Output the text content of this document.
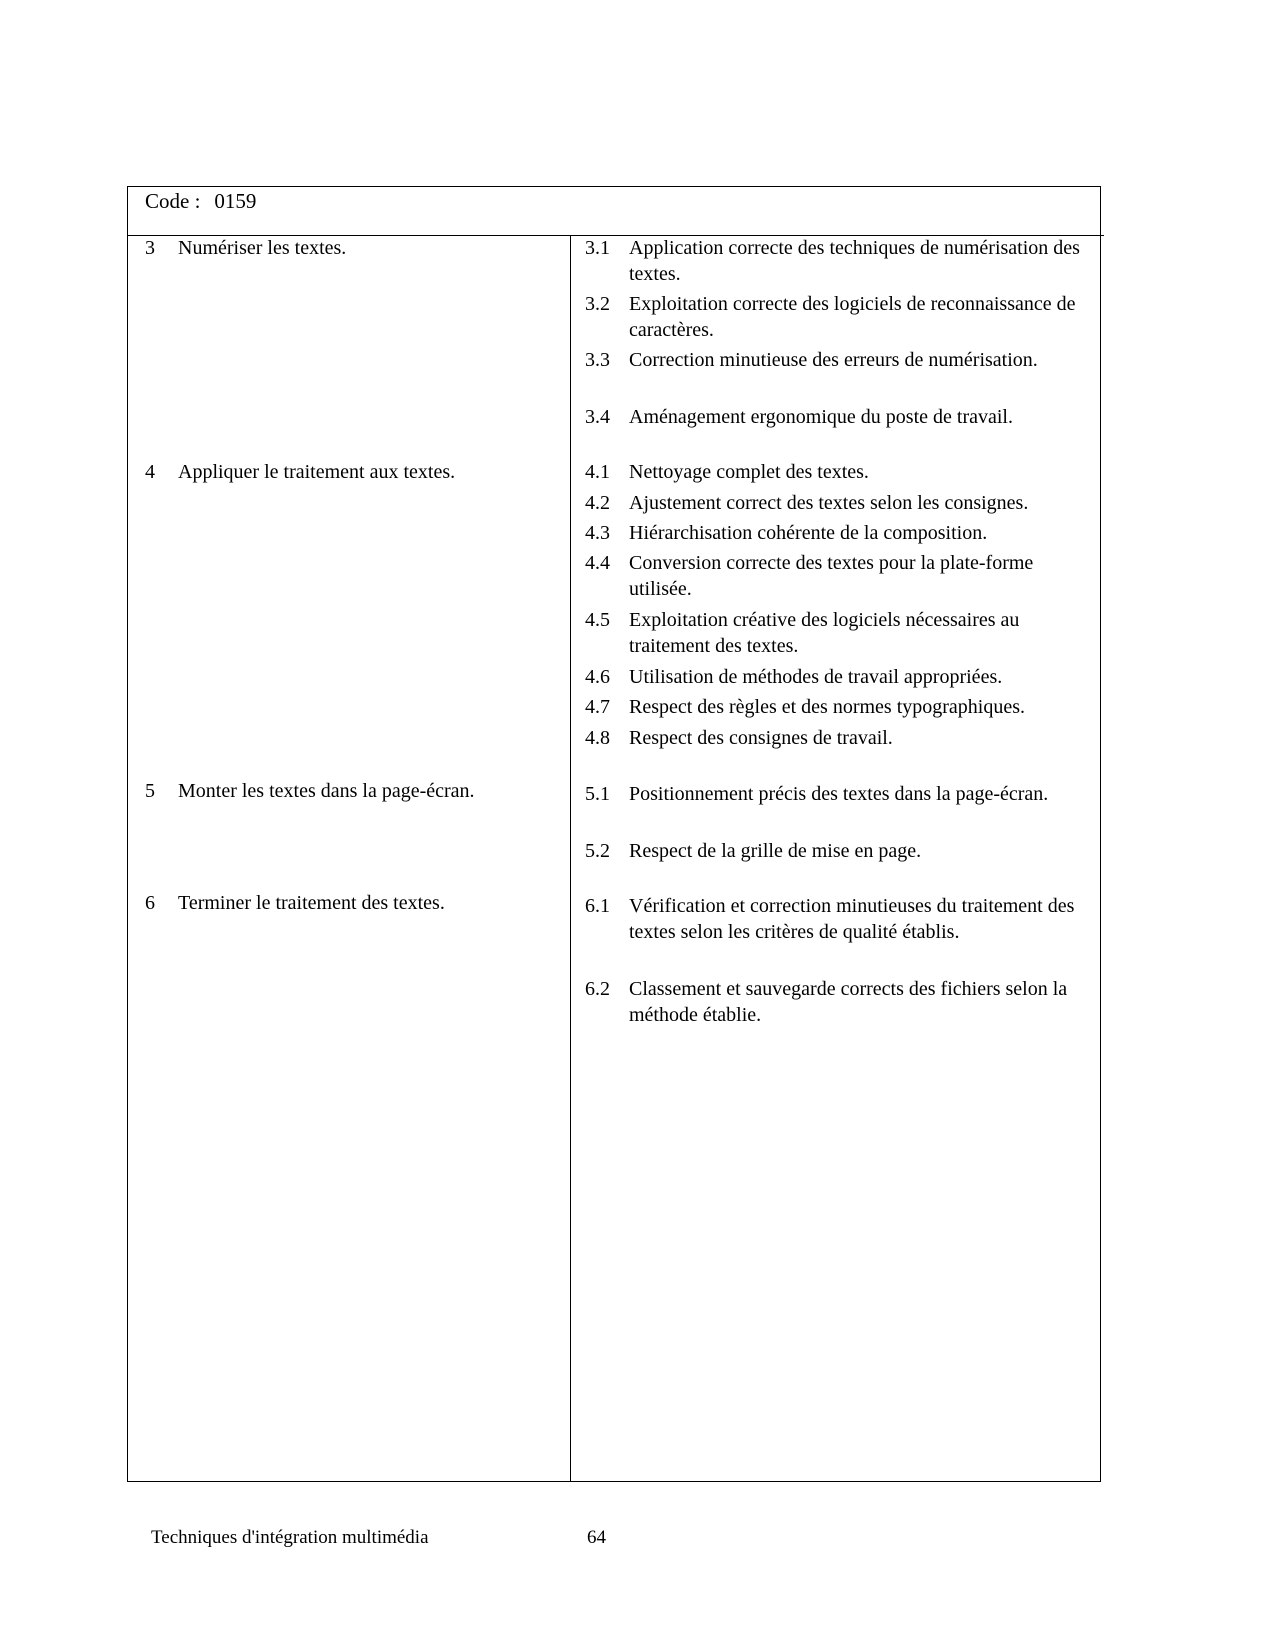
Code : 0159
3 Numériser les textes.
4 Appliquer le traitement aux textes.
5 Monter les textes dans la page-écran.
6 Terminer le traitement des textes.
3.1 Application correcte des techniques de numérisation des textes.
3.2 Exploitation correcte des logiciels de reconnaissance de caractères.
3.3 Correction minutieuse des erreurs de numérisation.
3.4 Aménagement ergonomique du poste de travail.
4.1 Nettoyage complet des textes.
4.2 Ajustement correct des textes selon les consignes.
4.3 Hiérarchisation cohérente de la composition.
4.4 Conversion correcte des textes pour la plate-forme utilisée.
4.5 Exploitation créative des logiciels nécessaires au traitement des textes.
4.6 Utilisation de méthodes de travail appropriées.
4.7 Respect des règles et des normes typographiques.
4.8 Respect des consignes de travail.
5.1 Positionnement précis des textes dans la page-écran.
5.2 Respect de la grille de mise en page.
6.1 Vérification et correction minutieuses du traitement des textes selon les critères de qualité établis.
6.2 Classement et sauvegarde corrects des fichiers selon la méthode établie.
Techniques d'intégration multimédia	64
